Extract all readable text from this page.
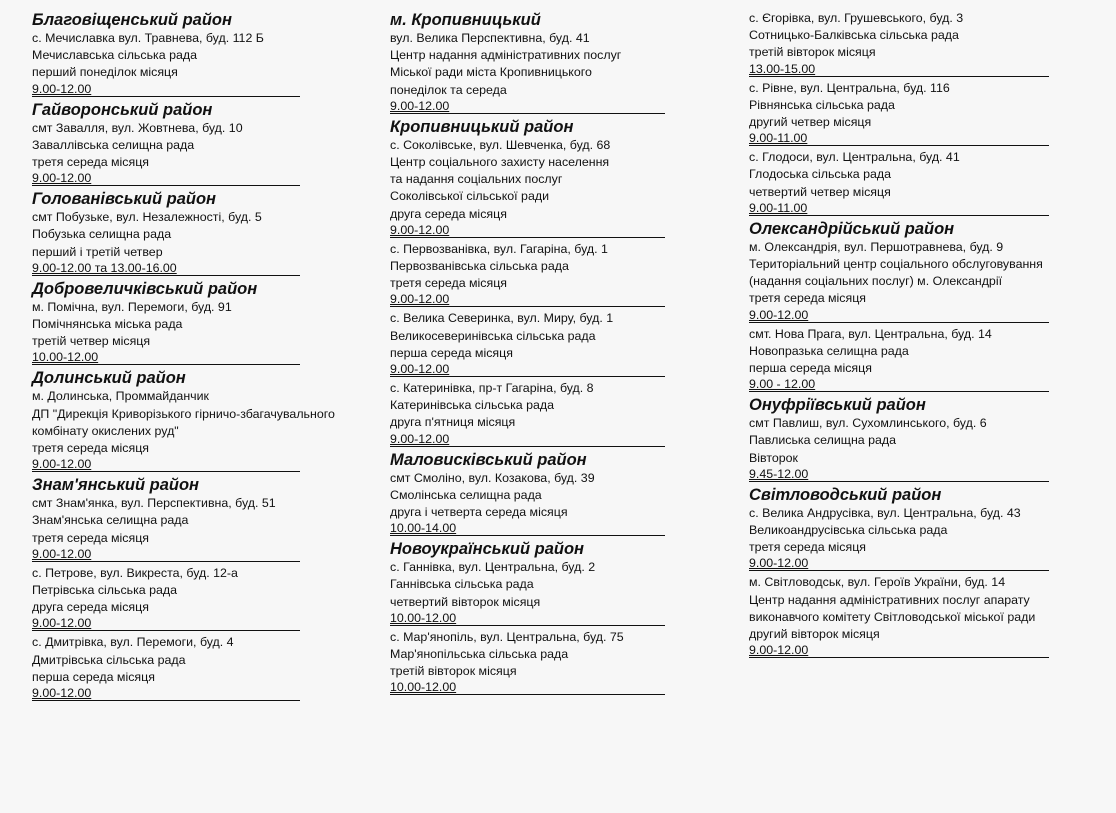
Благовіщенський район
с. Мечиславка вул. Травнева, буд. 112 Б
Мечиславська сільська рада
перший понеділок місяця
9.00-12.00
Гайворонський район
смт Завалля, вул. Жовтнева, буд. 10
Заваллівська селищна рада
третя середа місяця
9.00-12.00
Голованівський район
смт Побузьке, вул. Незалежності, буд. 5
Побузька селищна рада
перший і третій четвер
9.00-12.00 та 13.00-16.00
Добровеличківський район
м. Помічна, вул. Перемоги, буд. 91
Помічнянська міська рада
третій четвер місяця
10.00-12.00
Долинський район
м. Долинська, Проммайданчик
ДП "Дирекція Криворізького гірничо-збагачувального
комбінату окислених руд"
третя середа місяця
9.00-12.00
Знам'янський район
смт Знам'янка, вул. Перспективна, буд. 51
Знам'янська селищна рада
третя середа місяця
9.00-12.00
с. Петрове, вул. Викреста, буд. 12-а
Петрівська сільська рада
друга середа місяця
9.00-12.00
с. Дмитрівка, вул. Перемоги, буд. 4
Дмитрівська сільська рада
перша середа місяця
9.00-12.00
м. Кропивницький
вул. Велика Перспективна, буд. 41
Центр надання адміністративних послуг
Міської ради міста Кропивницького
понеділок та середа
9.00-12.00
Кропивницький район
с. Соколівське, вул. Шевченка, буд. 68
Центр соціального захисту населення
та надання соціальних послуг
Соколівської сільської ради
друга середа місяця
9.00-12.00
с. Первозванівка, вул. Гагаріна, буд. 1
Первозванівська сільська рада
третя середа місяця
9.00-12.00
с. Велика Северинка, вул. Миру, буд. 1
Великосеверинівська сільська рада
перша середа місяця
9.00-12.00
с. Катеринівка, пр-т Гагаріна, буд. 8
Катеринівська сільська рада
друга п'ятниця місяця
9.00-12.00
Маловисківський район
смт Смоліно, вул. Козакова, буд. 39
Смолінська селищна рада
друга і четверта середа місяця
10.00-14.00
Новоукраїнський район
с. Ганнівка, вул. Центральна, буд. 2
Ганнівська сільська рада
четвертий вівторок місяця
10.00-12.00
с. Мар'янопіль, вул. Центральна, буд. 75
Мар'янопільська сільська рада
третій вівторок місяця
10.00-12.00
с. Єгорівка, вул. Грушевського, буд. 3
Сотницько-Балківська сільська рада
третій вівторок місяця
13.00-15.00
с. Рівне, вул. Центральна, буд. 116
Рівнянська сільська рада
другий четвер місяця
9.00-11.00
с. Глодоси, вул. Центральна, буд. 41
Глодоська сільська рада
четвертий четвер місяця
9.00-11.00
Олександрійський район
м. Олександрія, вул. Першотравнева, буд. 9
Територіальний центр соціального обслуговування
(надання соціальних послуг) м. Олександрії
третя середа місяця
9.00-12.00
смт. Нова Прага, вул. Центральна, буд. 14
Новопразька селищна рада
перша середа місяця
9.00 - 12.00
Онуфріївський район
смт Павлиш, вул. Сухомлинського, буд. 6
Павлиська селищна рада
Вівторок
9.45-12.00
Світловодський район
с. Велика Андрусівка, вул. Центральна, буд. 43
Великоандрусівська сільська рада
третя середа місяця
9.00-12.00
м. Світловодськ, вул. Героїв України, буд. 14
Центр надання адміністративних послуг апарату
виконавчого комітету Світловодської міської ради
другий вівторок місяця
9.00-12.00
